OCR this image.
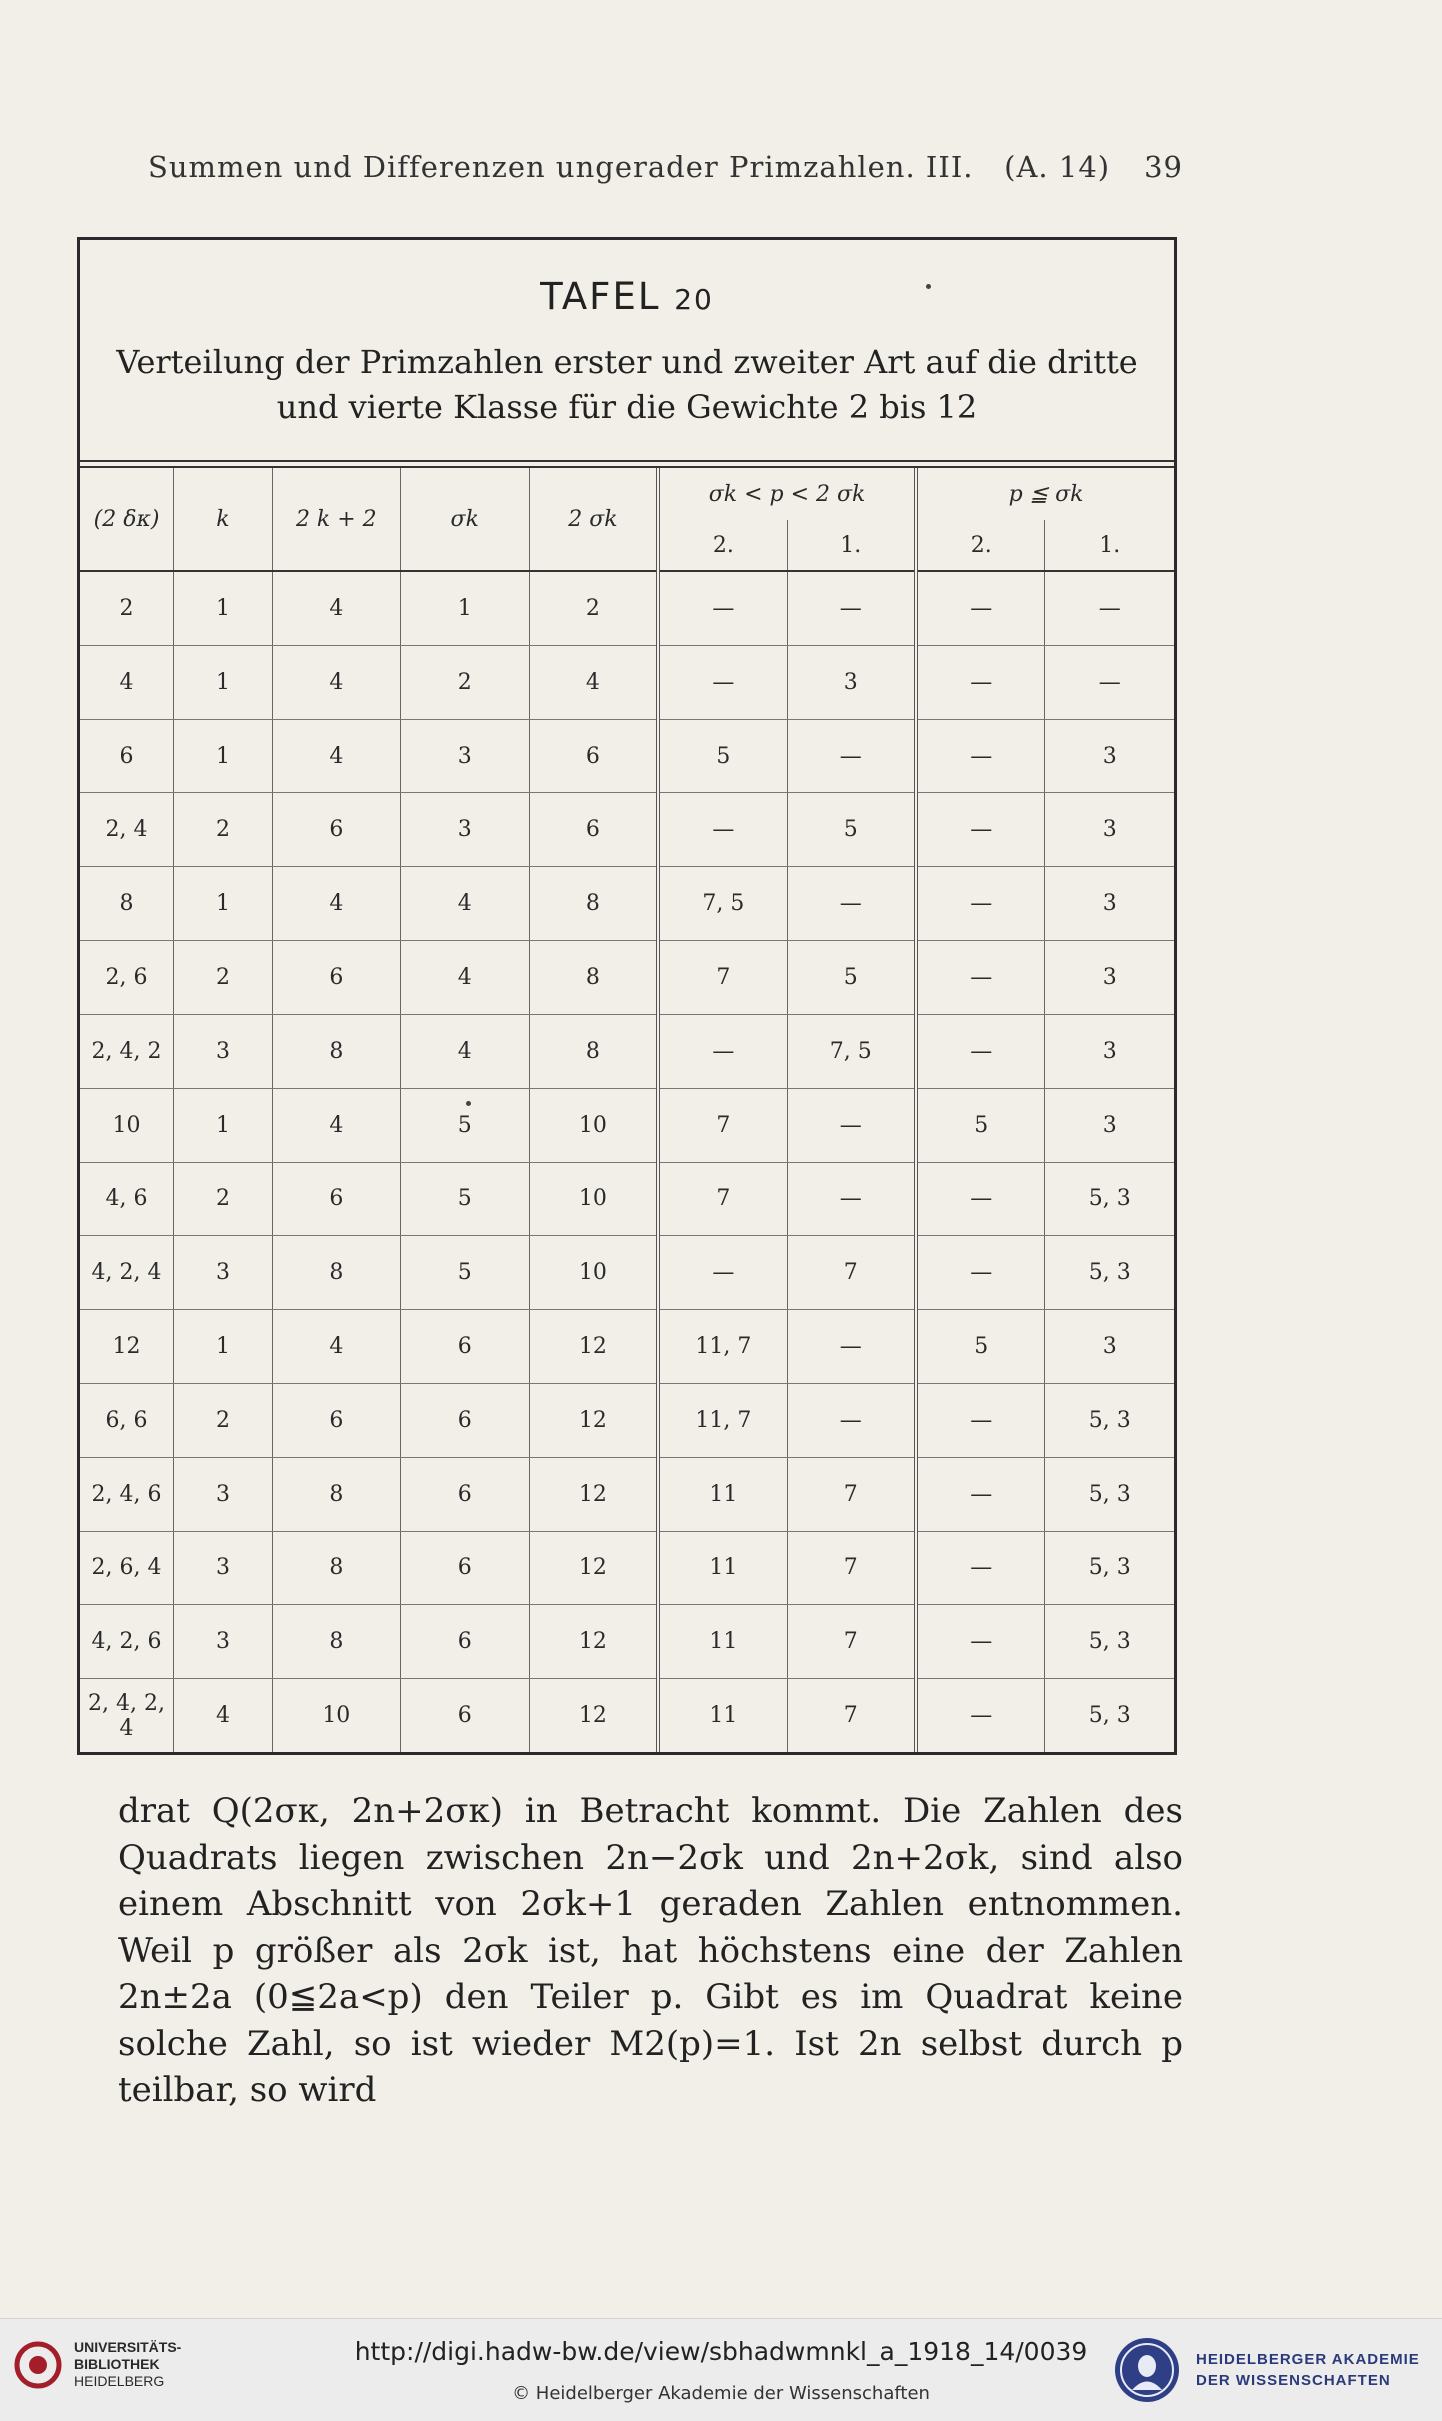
Summen und Differenzen ungerader Primzahlen. III. (A. 14) 39
TAFEL 20
Verteilung der Primzahlen erster und zweiter Art auf die dritte
und vierte Klasse für die Gewichte 2 bis 12
(2 δκ)	k	2 k + 2	σk	2 σk	σk < p < 2 σk		p ≦ σk	
					2.	1.	2.	1.
2	1	4	1	2	—	—	—	—
4	1	4	2	4	—	3	—	—
6	1	4	3	6	5	—	—	3
2, 4	2	6	3	6	—	5	—	3
8	1	4	4	8	7, 5	—	—	3
2, 6	2	6	4	8	7	5	—	3
2, 4, 2	3	8	4	8	—	7, 5	—	3
10	1	4	5	10	7	—	5	3
4, 6	2	6	5	10	7	—	—	5, 3
4, 2, 4	3	8	5	10	—	7	—	5, 3
12	1	4	6	12	11, 7	—	5	3
6, 6	2	6	6	12	11, 7	—	—	5, 3
2, 4, 6	3	8	6	12	11	7	—	5, 3
2, 6, 4	3	8	6	12	11	7	—	5, 3
4, 2, 6	3	8	6	12	11	7	—	5, 3
2, 4, 2, 4	4	10	6	12	11	7	—	5, 3

drat Q(2σκ, 2n+2σκ) in Betracht kommt. Die Zahlen des Quadrats liegen zwischen 2n−2σk und 2n+2σk, sind also einem Abschnitt von 2σk+1 geraden Zahlen entnommen. Weil p größer als 2σk ist, hat höchstens eine der Zahlen 2n±2a (0≦2a<p) den Teiler p. Gibt es im Quadrat keine solche Zahl, so ist wieder M2(p)=1. Ist 2n selbst durch p teilbar, so wird

UNIVERSITÄTS-
BIBLIOTHEK
HEIDELBERG
http://digi.hadw-bw.de/view/sbhadwmnkl_a_1918_14/0039
© Heidelberger Akademie der Wissenschaften
HEIDELBERGER AKADEMIE
DER WISSENSCHAFTEN
